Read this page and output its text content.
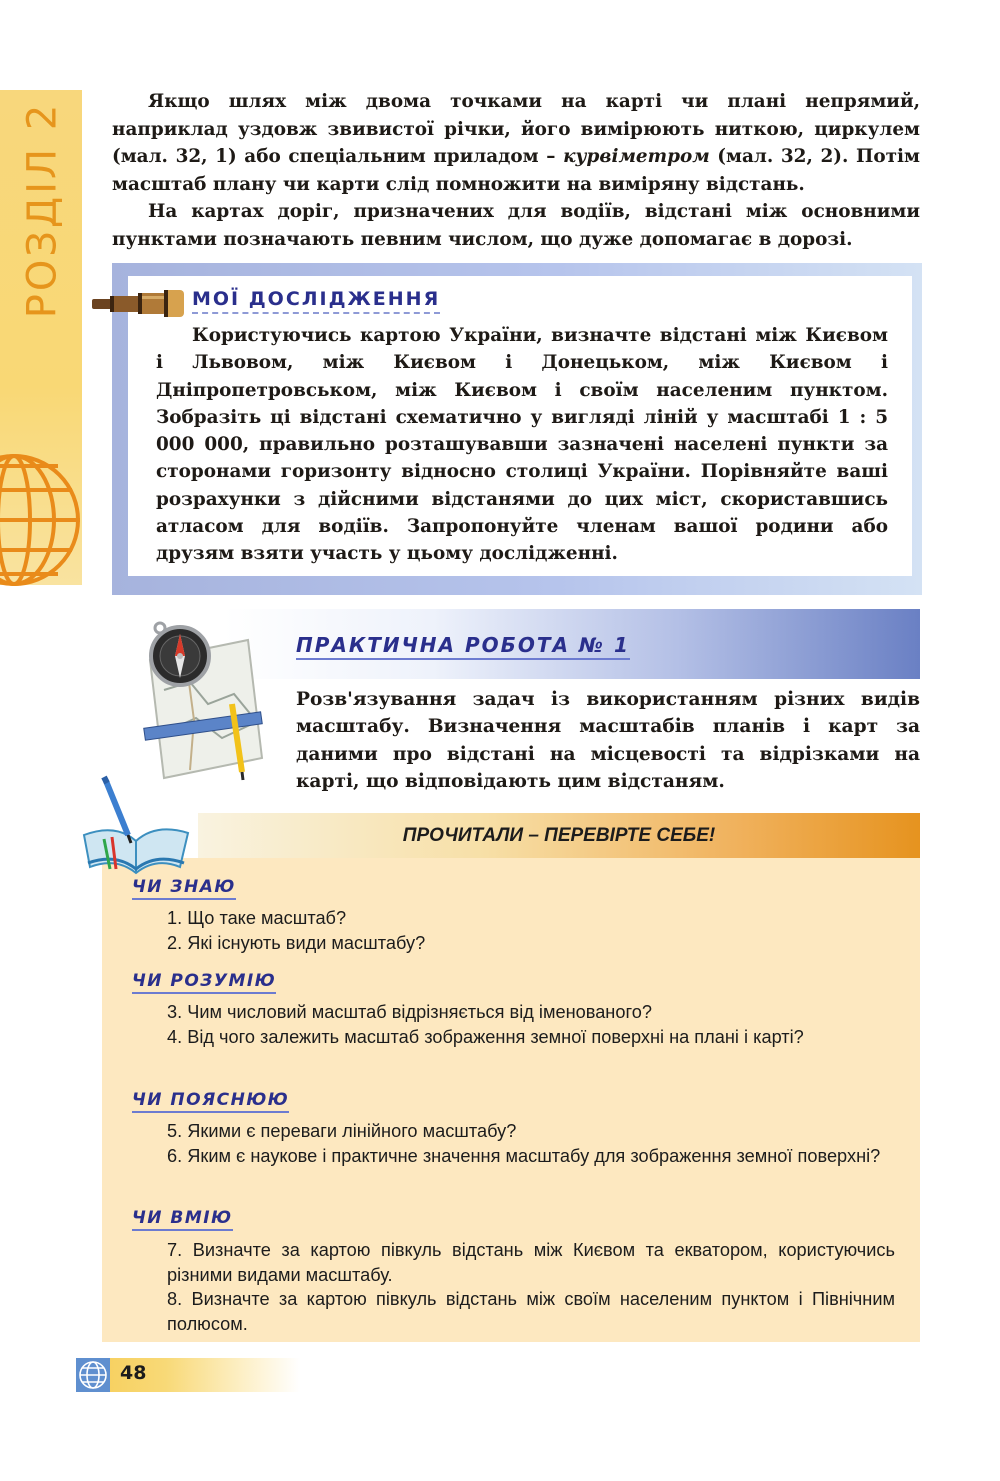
РОЗДІЛ 2

Якщо шлях між двома точками на карті чи плані непрямий, наприклад уздовж звивистої річки, його вимірюють ниткою, циркулем (мал. 32, 1) або спеціальним приладом – курвіметром (мал. 32, 2). Потім масштаб плану чи карти слід помножити на виміряну відстань.

На картах доріг, призначених для водіїв, відстані між основними пунктами позначають певним числом, що дуже допомагає в дорозі.

МОЇ ДОСЛІДЖЕННЯ

Користуючись картою України, визначте відстані між Києвом і Львовом, між Києвом і Донецьком, між Києвом і Дніпропетровськом, між Києвом і своїм населеним пунктом. Зобразіть ці відстані схематично у вигляді ліній у масштабі 1 : 5 000 000, правильно розташувавши зазначені населені пункти за сторонами горизонту відносно столиці України. Порівняйте ваші розрахунки з дійсними відстанями до цих міст, скориставшись атласом для водіїв. Запропонуйте членам вашої родини або друзям взяти участь у цьому дослідженні.

ПРАКТИЧНА РОБОТА № 1

Розв'язування задач із використанням різних видів масштабу. Визначення масштабів планів і карт за даними про відстані на місцевості та відрізками на карті, що відповідають цим відстаням.

ПРОЧИТАЛИ – ПЕРЕВІРТЕ СЕБЕ!
ЧИ ЗНАЮ

1. Що таке масштаб?

2. Які існують види масштабу?

ЧИ РОЗУМІЮ

3. Чим числовий масштаб відрізняється від іменованого?

4. Від чого залежить масштаб зображення земної поверхні на плані і карті?

ЧИ ПОЯСНЮЮ

5. Якими є переваги лінійного масштабу?

6. Яким є наукове і практичне значення масштабу для зображення земної поверхні?

ЧИ ВМІЮ

7. Визначте за картою півкуль відстань між Києвом та екватором, користуючись різними видами масштабу.

8. Визначте за картою півкуль відстань між своїм населеним пунктом і Північним полюсом.

48
